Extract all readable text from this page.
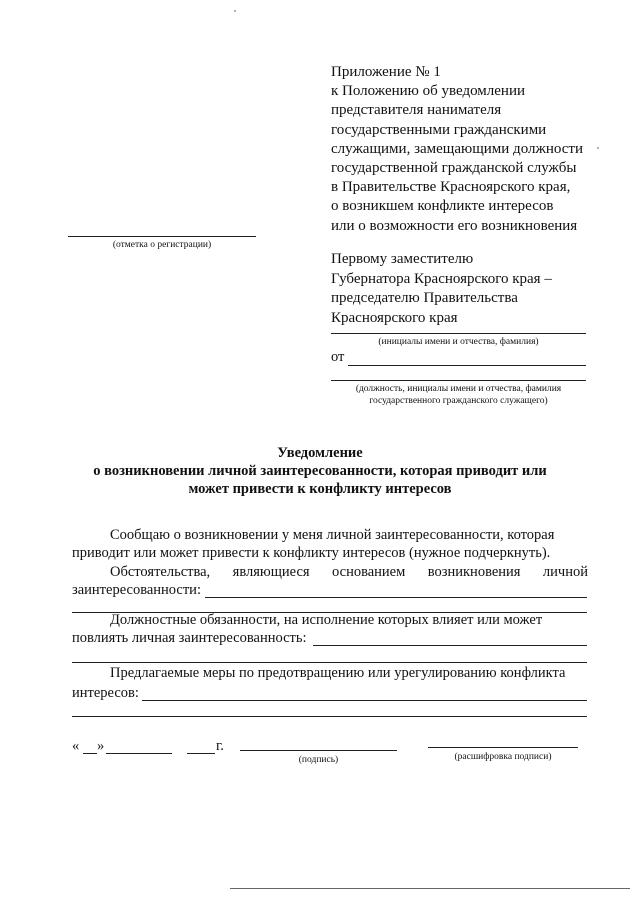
Приложение № 1
к Положению об уведомлении
представителя нанимателя
государственными гражданскими
служащими, замещающими должности
государственной гражданской службы
в Правительстве Красноярского края,
о возникшем конфликте интересов
или о возможности его возникновения
(отметка о регистрации)
Первому заместителю
Губернатора Красноярского края –
председателю Правительства
Красноярского края
(инициалы имени и отчества, фамилия)
от
(должность, инициалы имени и отчества, фамилия
государственного гражданского служащего)
Уведомление
о возникновении личной заинтересованности, которая приводит или
может привести к конфликту интересов
Сообщаю о возникновении у меня личной заинтересованности, которая
приводит или может привести к конфликту интересов (нужное подчеркнуть).
Обстоятельства, являющиеся основанием возникновения личной
заинтересованности:
Должностные обязанности, на исполнение которых влияет или может
повлиять личная заинтересованность:
Предлагаемые меры по предотвращению или урегулированию конфликта
интересов:
« »	г.
(подпись)	(расшифровка подписи)
